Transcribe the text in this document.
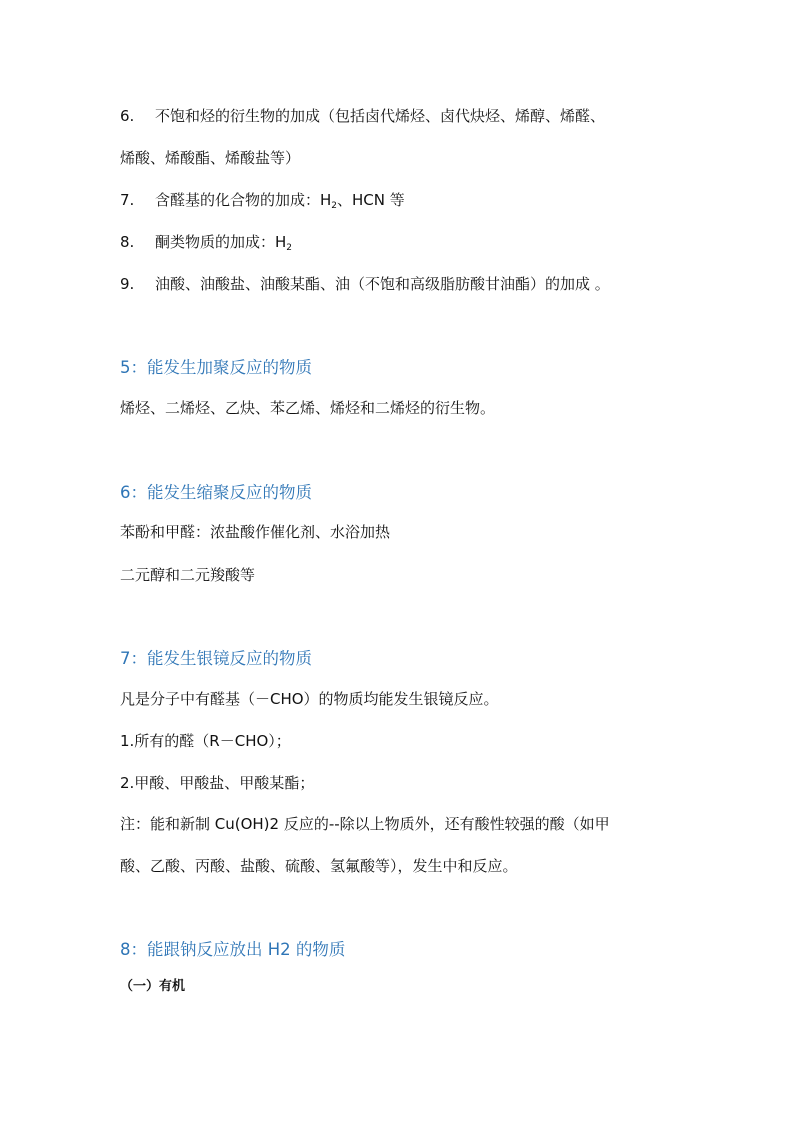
6. 不饱和烃的衍生物的加成（包括卤代烯烃、卤代炔烃、烯醇、烯醛、
烯酸、烯酸酯、烯酸盐等）
7. 含醛基的化合物的加成：$H_2$、HCN 等
8. 酮类物质的加成：$H_2$
9. 油酸、油酸盐、油酸某酯、油（不饱和高级脂肪酸甘油酯）的加成 。
5：能发生加聚反应的物质
烯烃、二烯烃、乙炔、苯乙烯、烯烃和二烯烃的衍生物。
6：能发生缩聚反应的物质
苯酚和甲醛：浓盐酸作催化剂、水浴加热
二元醇和二元羧酸等
7：能发生银镜反应的物质
凡是分子中有醛基（－CHO）的物质均能发生银镜反应。
1.所有的醛（R－CHO）；
2.甲酸、甲酸盐、甲酸某酯；
注：能和新制 Cu(OH)2 反应的--除以上物质外，还有酸性较强的酸（如甲
酸、乙酸、丙酸、盐酸、硫酸、氢氟酸等），发生中和反应。
8：能跟钠反应放出 H2 的物质
（一）有机
